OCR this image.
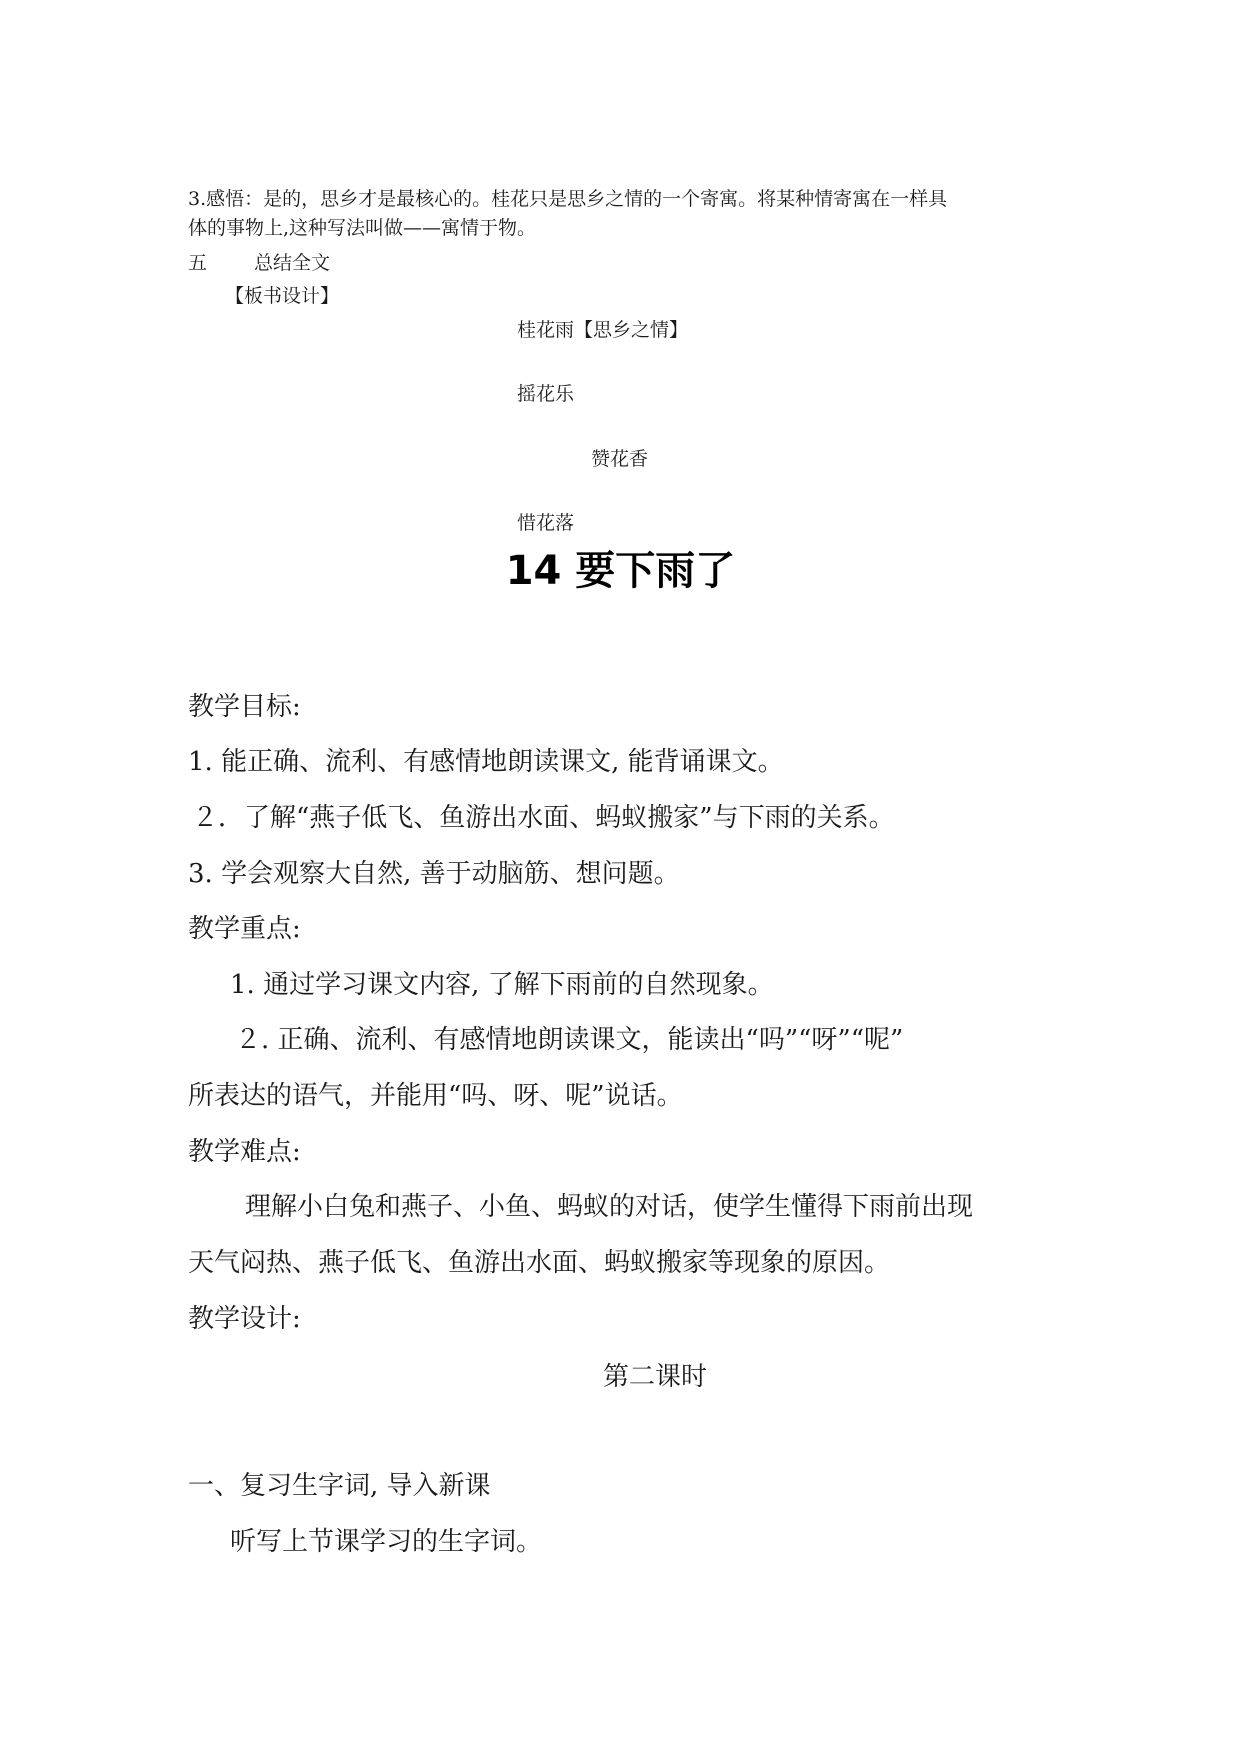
3.感悟：是的，思乡才是最核心的。桂花只是思乡之情的一个寄寓。将某种情寄寓在一样具
体的事物上,这种写法叫做——寓情于物。
五 总结全文
【板书设计】
桂花雨【思乡之情】
摇花乐
赞花香
惜花落
14 要下雨了
教学目标:
1. 能正确、流利、有感情地朗读课文, 能背诵课文。
２．了解“燕子低飞、鱼游出水面、蚂蚁搬家”与下雨的关系。
3. 学会观察大自然, 善于动脑筋、想问题。
教学重点:
1. 通过学习课文内容, 了解下雨前的自然现象。
２. 正确、流利、有感情地朗读课文，能读出“吗”“呀”“呢”
所表达的语气，并能用“吗、呀、呢”说话。
教学难点:
理解小白兔和燕子、小鱼、蚂蚁的对话，使学生懂得下雨前出现
天气闷热、燕子低飞、鱼游出水面、蚂蚁搬家等现象的原因。
教学设计:
第二课时
一、复习生字词, 导入新课
听写上节课学习的生字词。
